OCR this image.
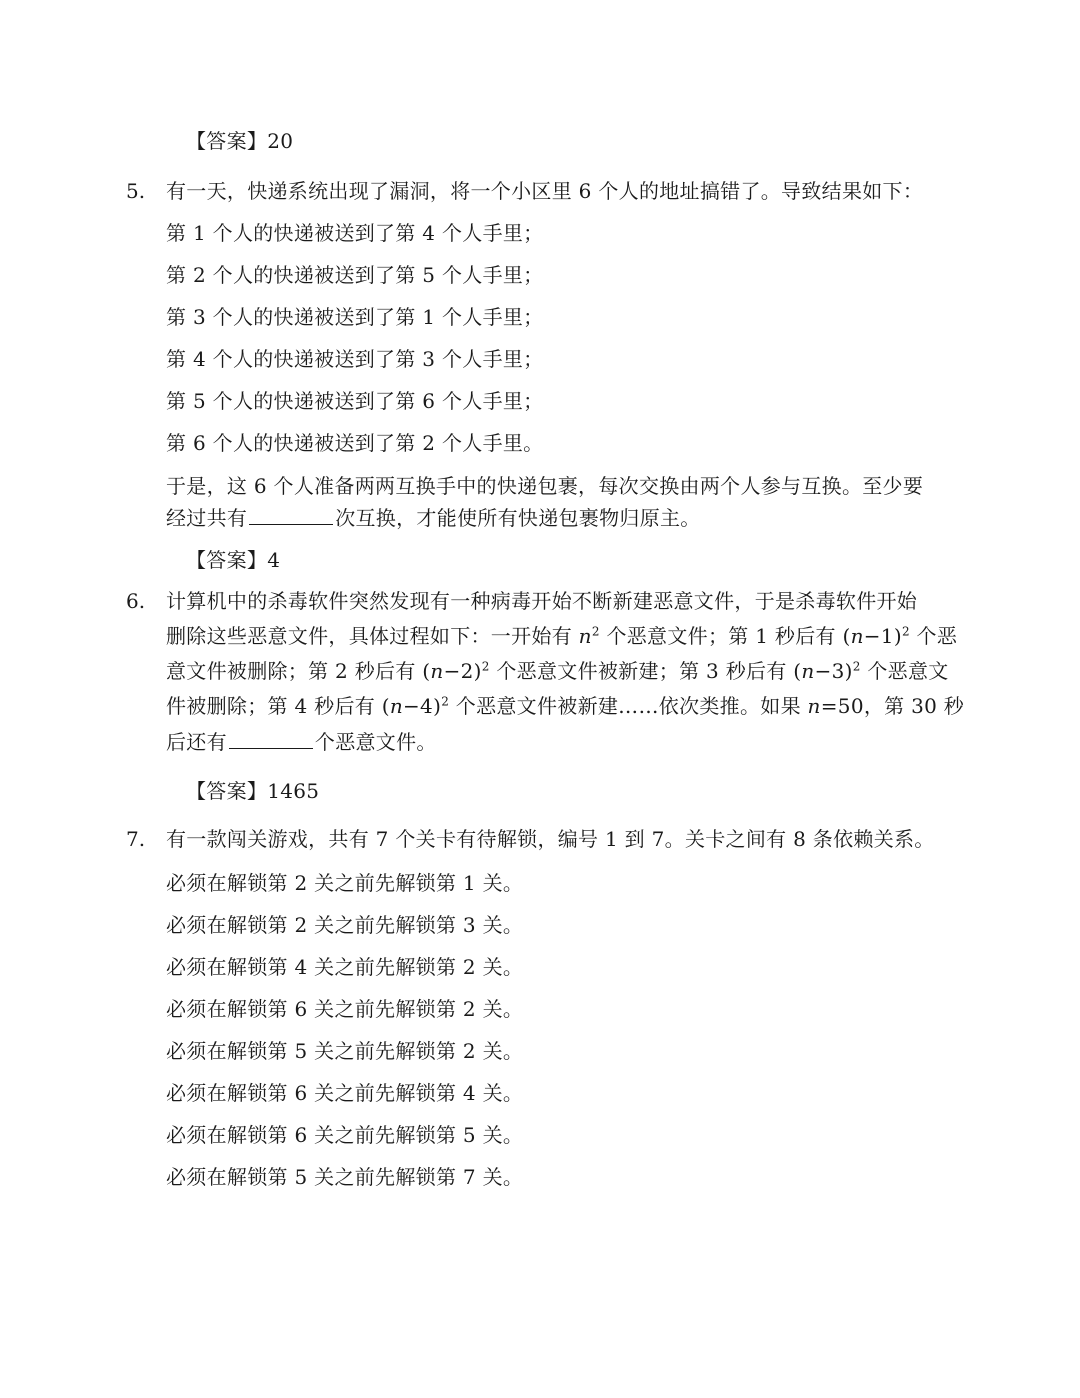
【答案】20
5. 有一天，快递系统出现了漏洞，将一个小区里 6 个人的地址搞错了。导致结果如下：
第 1 个人的快递被送到了第 4 个人手里；
第 2 个人的快递被送到了第 5 个人手里；
第 3 个人的快递被送到了第 1 个人手里；
第 4 个人的快递被送到了第 3 个人手里；
第 5 个人的快递被送到了第 6 个人手里；
第 6 个人的快递被送到了第 2 个人手里。
于是，这 6 个人准备两两互换手中的快递包裹，每次交换由两个人参与互换。至少要
经过共有	次互换，才能使所有快递包裹物归原主。
【答案】4
6. 计算机中的杀毒软件突然发现有一种病毒开始不断新建恶意文件，于是杀毒软件开始
删除这些恶意文件，具体过程如下：一开始有 $n^2$ 个恶意文件；第 1 秒后有 $(n-1)^2$ 个恶
意文件被删除；第 2 秒后有 $(n-2)^2$ 个恶意文件被新建；第 3 秒后有 $(n-3)^2$ 个恶意文
件被删除；第 4 秒后有 $(n-4)^2$ 个恶意文件被新建……依次类推。如果 n=50，第 30 秒
后还有	个恶意文件。
【答案】1465
7. 有一款闯关游戏，共有 7 个关卡有待解锁，编号 1 到 7。关卡之间有 8 条依赖关系。
必须在解锁第 2 关之前先解锁第 1 关。
必须在解锁第 2 关之前先解锁第 3 关。
必须在解锁第 4 关之前先解锁第 2 关。
必须在解锁第 6 关之前先解锁第 2 关。
必须在解锁第 5 关之前先解锁第 2 关。
必须在解锁第 6 关之前先解锁第 4 关。
必须在解锁第 6 关之前先解锁第 5 关。
必须在解锁第 5 关之前先解锁第 7 关。
